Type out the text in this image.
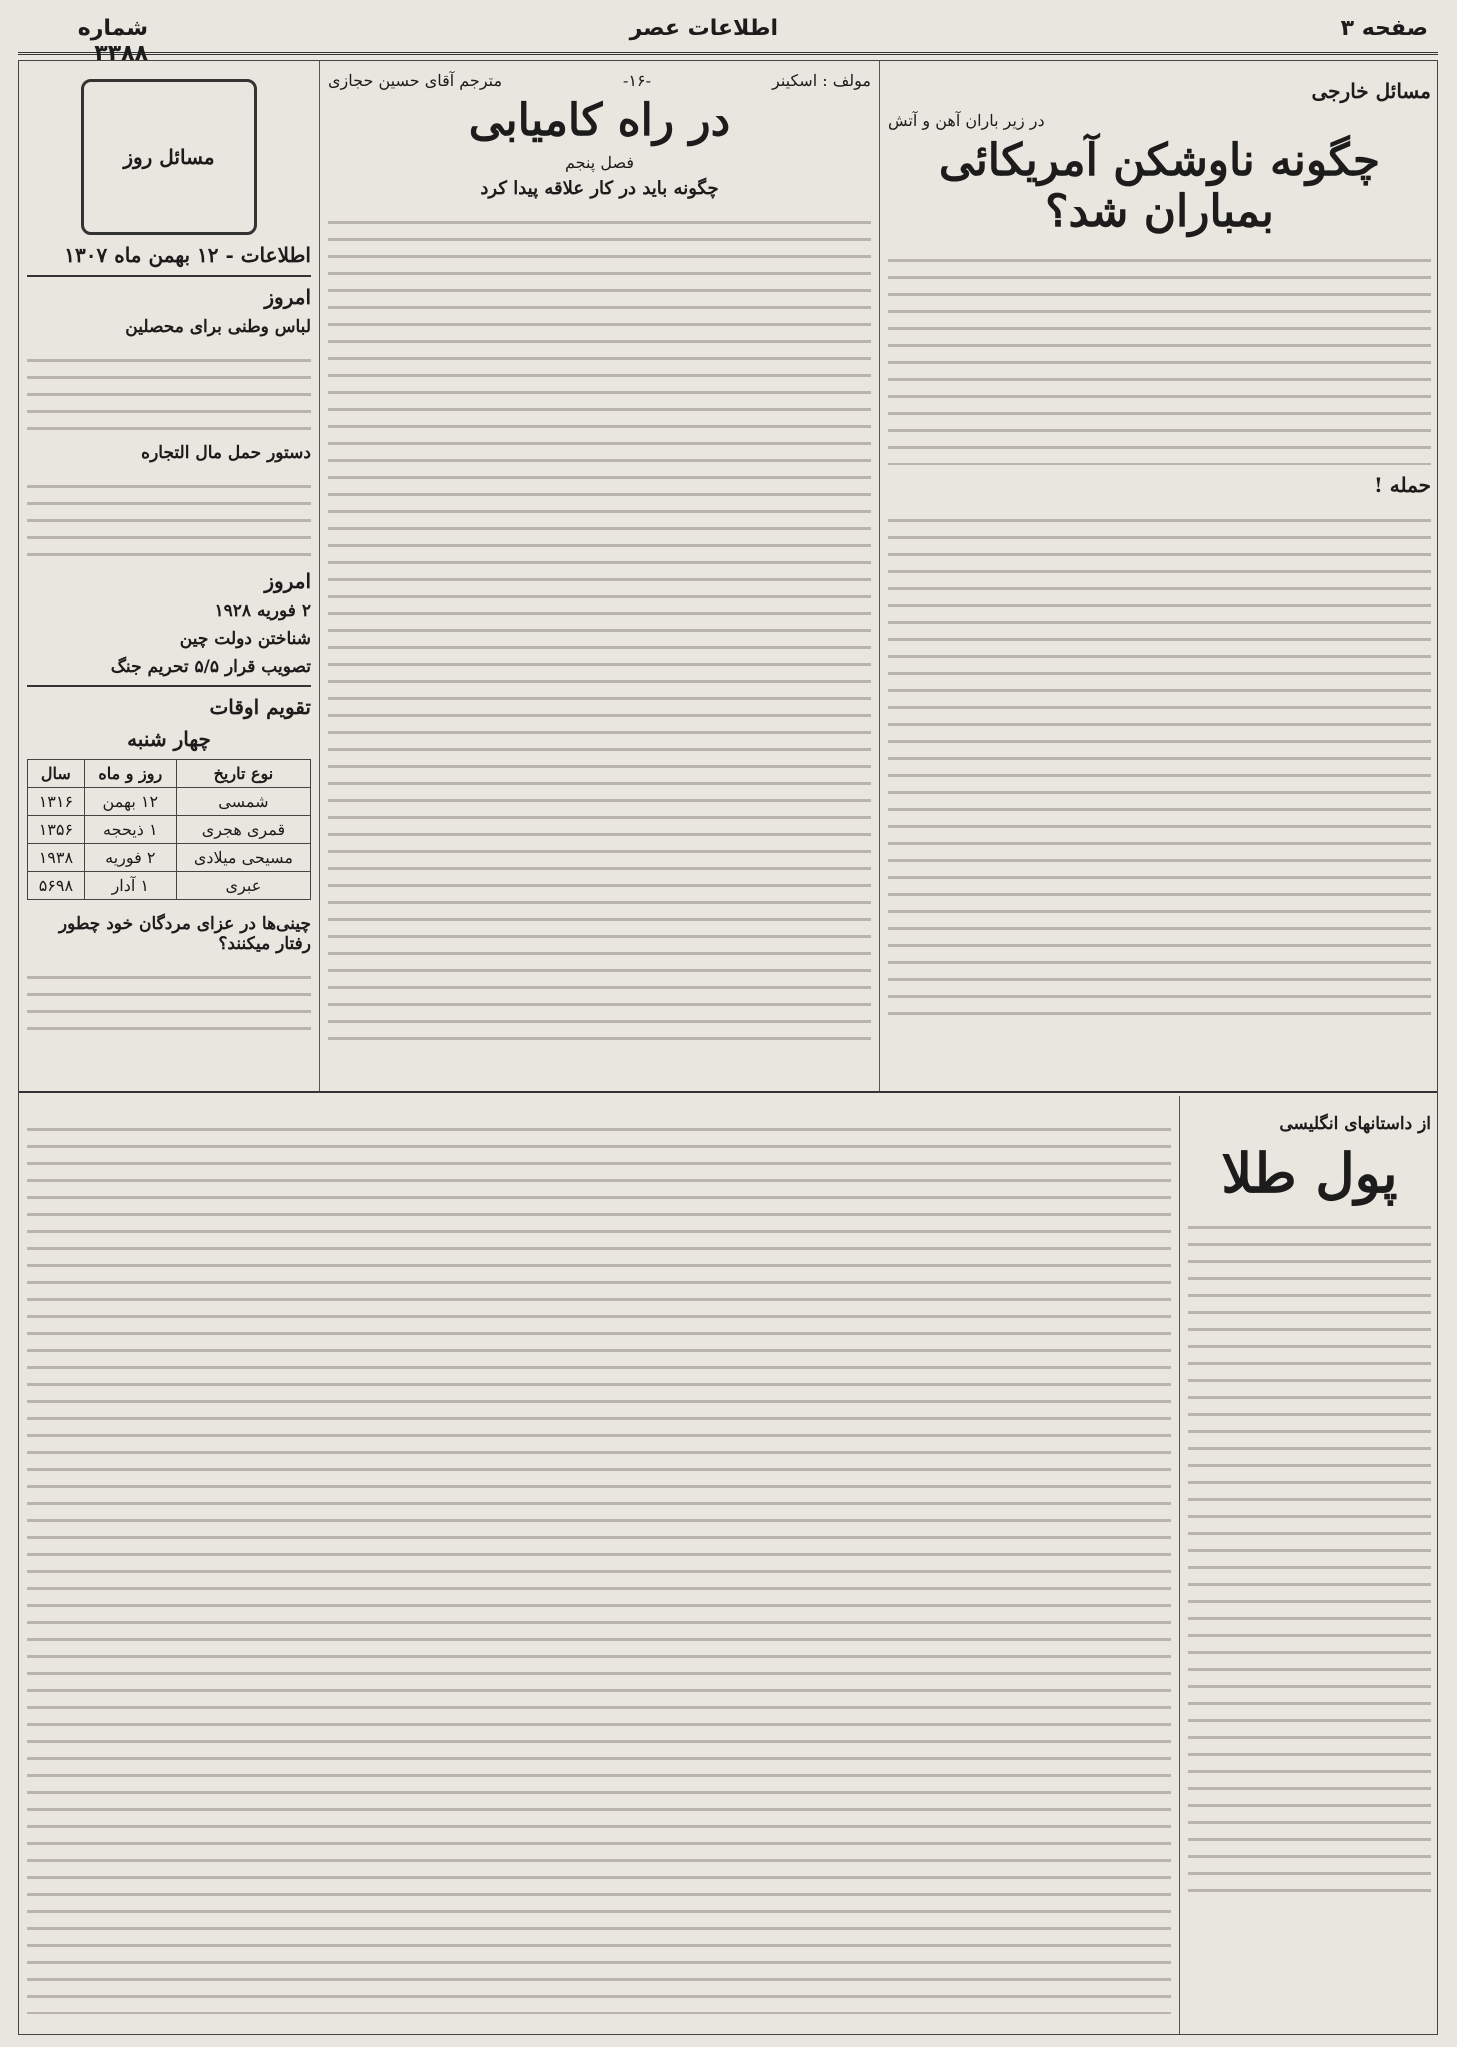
صفحه ۳
اطلاعات عصر
شماره ۳۳۸۸
مسائل خارجی
در زیر باران آهن و آتش
چگونه ناوشکن آمریکائی بمباران شد؟
حمله !
مولف : اسکینر
-۱۶-
مترجم آقای حسین حجازی
در راه کامیابی
فصل پنجم
چگونه باید در کار علاقه پیدا کرد
مسائل روز
اطلاعات - ۱۲ بهمن ماه ۱۳۰۷
امروز
لباس وطنی برای محصلین
دستور حمل مال التجاره
امروز
۲ فوریه ۱۹۲۸
شناختن دولت چین
تصویب قرار ۵/۵ تحریم جنگ
تقویم اوقات
چهار شنبه
نوع تاریخ	روز و ماه	سال
شمسی	۱۲ بهمن	۱۳۱۶
قمری هجری	۱ ذیحجه	۱۳۵۶
مسیحی میلادی	۲ فوریه	۱۹۳۸
عبری	۱ آدار	۵۶۹۸
چینی‌ها در عزای مردگان خود چطور رفتار میکنند؟
از داستانهای انگلیسی
پول طلا
